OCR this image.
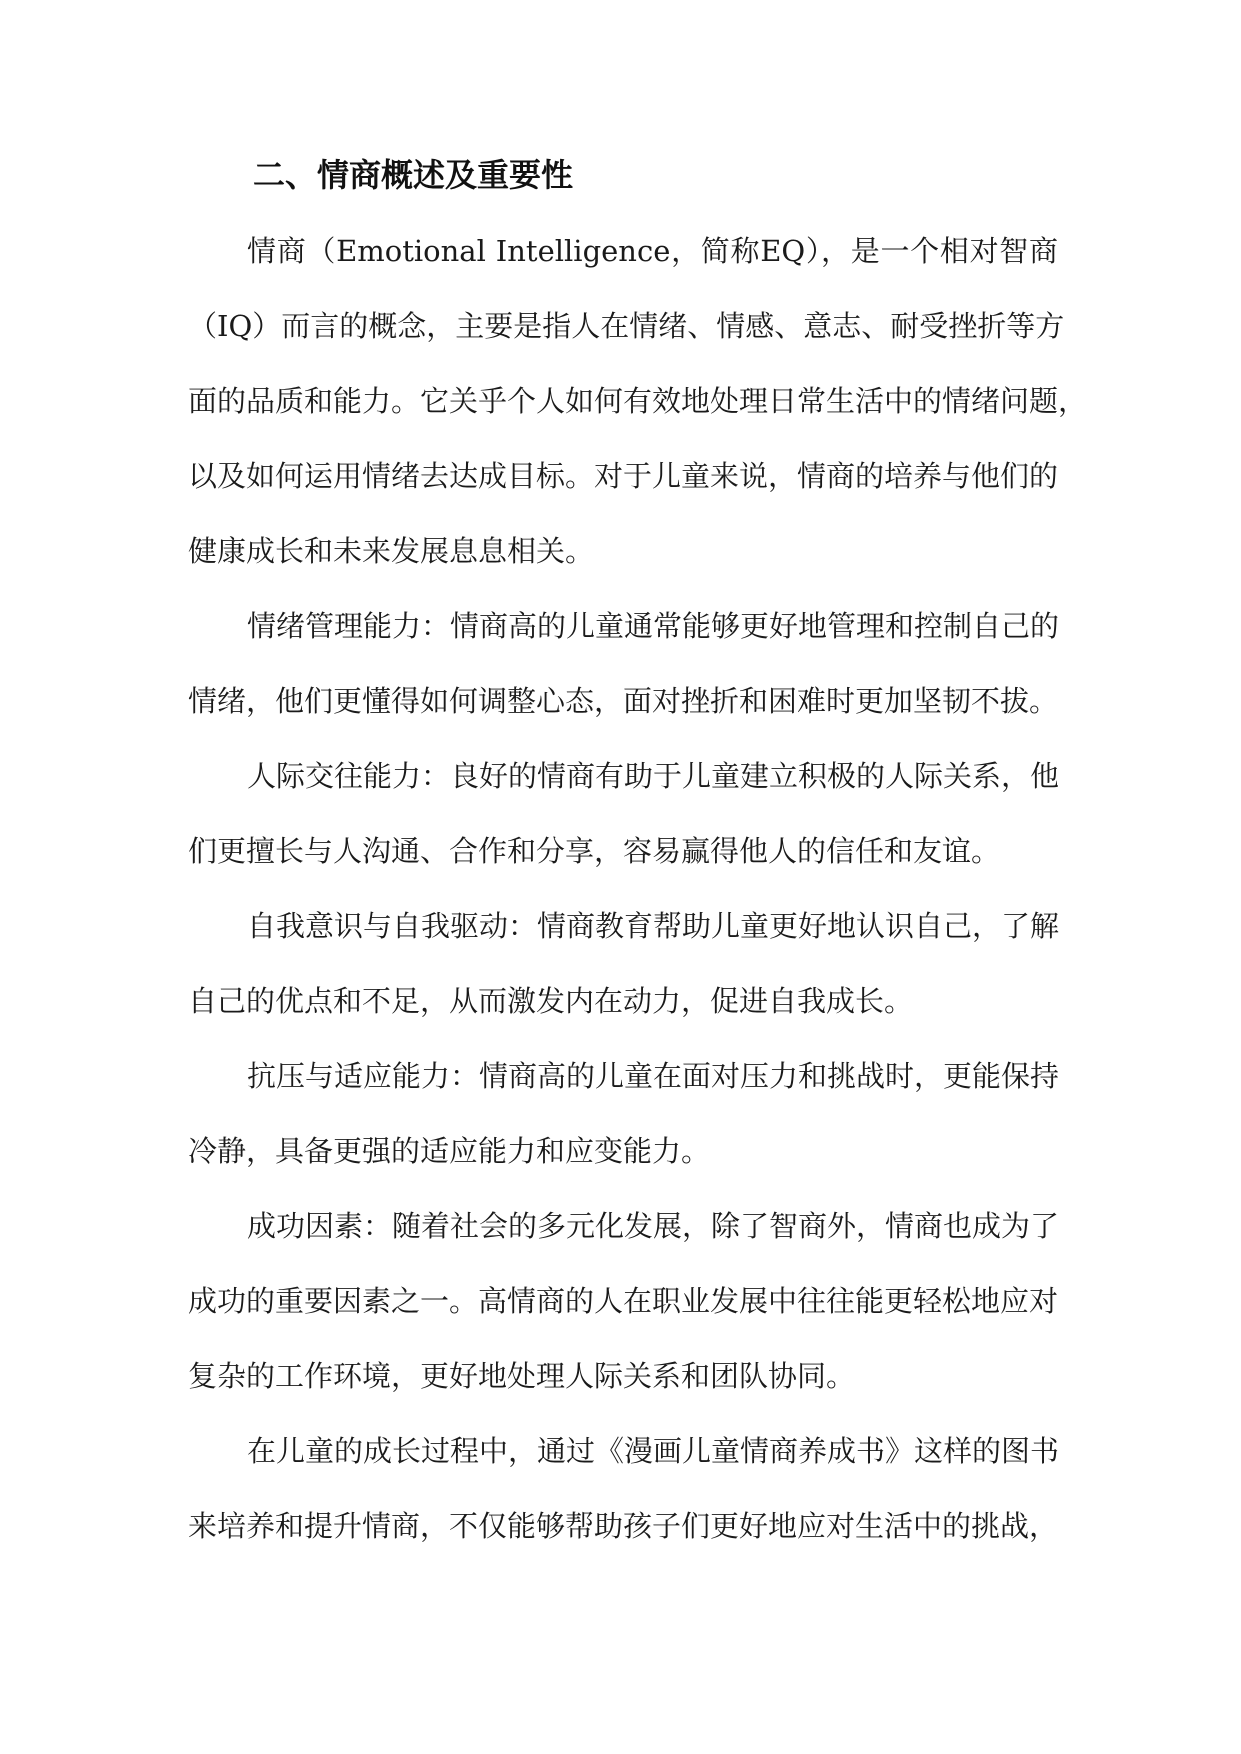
二、情商概述及重要性
情商（Emotional Intelligence，简称EQ），是一个相对智商
（IQ）而言的概念，主要是指人在情绪、情感、意志、耐受挫折等方
面的品质和能力。它关乎个人如何有效地处理日常生活中的情绪问题，
以及如何运用情绪去达成目标。对于儿童来说，情商的培养与他们的
健康成长和未来发展息息相关。
情绪管理能力：情商高的儿童通常能够更好地管理和控制自己的
情绪，他们更懂得如何调整心态，面对挫折和困难时更加坚韧不拔。
人际交往能力：良好的情商有助于儿童建立积极的人际关系，他
们更擅长与人沟通、合作和分享，容易赢得他人的信任和友谊。
自我意识与自我驱动：情商教育帮助儿童更好地认识自己，了解
自己的优点和不足，从而激发内在动力，促进自我成长。
抗压与适应能力：情商高的儿童在面对压力和挑战时，更能保持
冷静，具备更强的适应能力和应变能力。
成功因素：随着社会的多元化发展，除了智商外，情商也成为了
成功的重要因素之一。高情商的人在职业发展中往往能更轻松地应对
复杂的工作环境，更好地处理人际关系和团队协同。
在儿童的成长过程中，通过《漫画儿童情商养成书》这样的图书
来培养和提升情商，不仅能够帮助孩子们更好地应对生活中的挑战，
